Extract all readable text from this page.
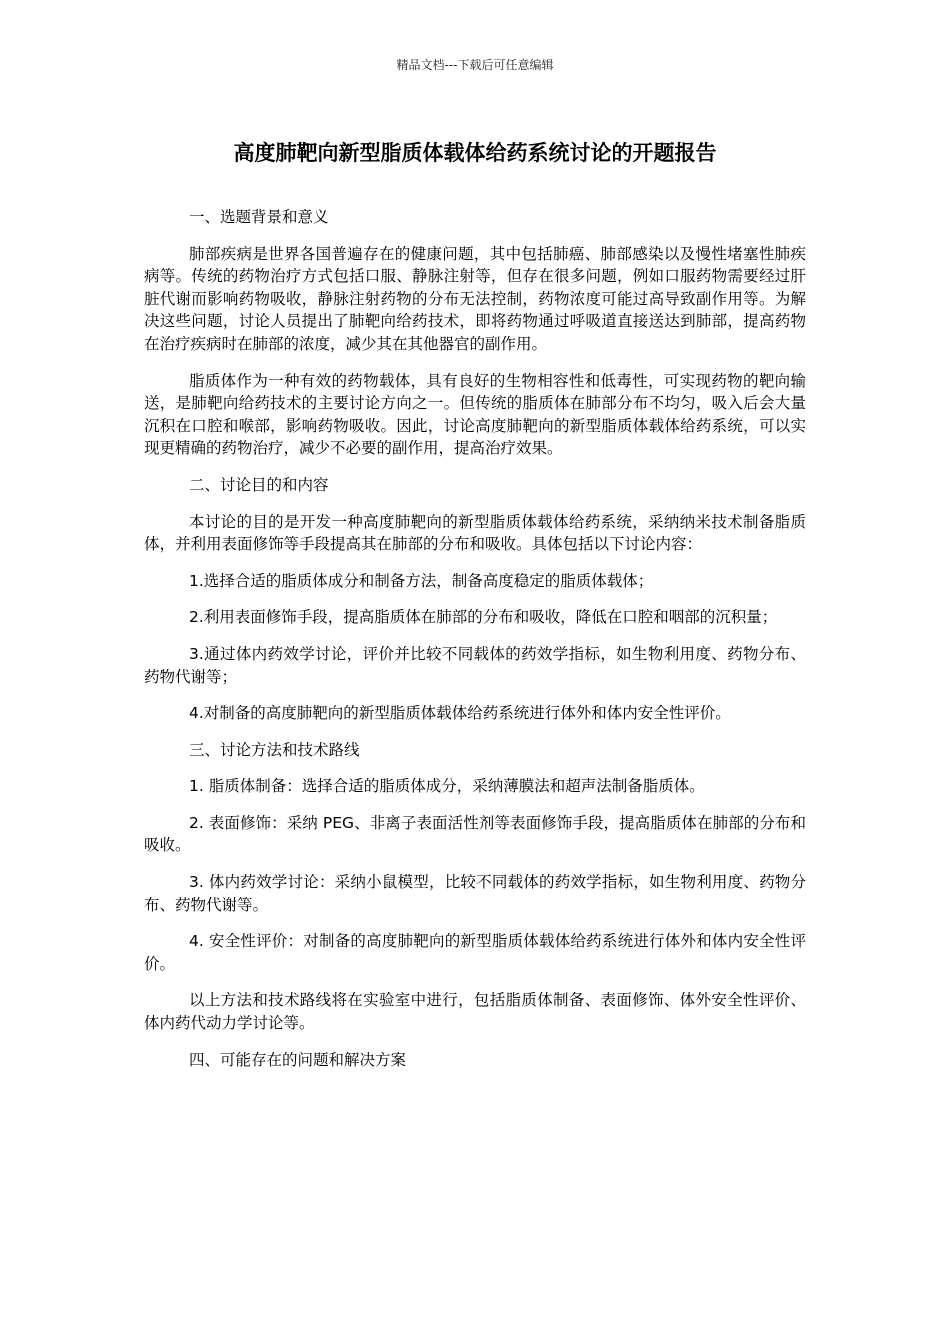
精品文档---下载后可任意编辑
高度肺靶向新型脂质体载体给药系统讨论的开题报告

一、选题背景和意义

肺部疾病是世界各国普遍存在的健康问题，其中包括肺癌、肺部感染以及慢性堵塞性肺疾病等。传统的药物治疗方式包括口服、静脉注射等，但存在很多问题，例如口服药物需要经过肝脏代谢而影响药物吸收，静脉注射药物的分布无法控制，药物浓度可能过高导致副作用等。为解决这些问题，讨论人员提出了肺靶向给药技术，即将药物通过呼吸道直接送达到肺部，提高药物在治疗疾病时在肺部的浓度，减少其在其他器官的副作用。

脂质体作为一种有效的药物载体，具有良好的生物相容性和低毒性，可实现药物的靶向输送，是肺靶向给药技术的主要讨论方向之一。但传统的脂质体在肺部分布不均匀，吸入后会大量沉积在口腔和喉部，影响药物吸收。因此，讨论高度肺靶向的新型脂质体载体给药系统，可以实现更精确的药物治疗，减少不必要的副作用，提高治疗效果。

二、讨论目的和内容

本讨论的目的是开发一种高度肺靶向的新型脂质体载体给药系统，采纳纳米技术制备脂质体，并利用表面修饰等手段提高其在肺部的分布和吸收。具体包括以下讨论内容：

1.选择合适的脂质体成分和制备方法，制备高度稳定的脂质体载体；

2.利用表面修饰手段，提高脂质体在肺部的分布和吸收，降低在口腔和咽部的沉积量；

3.通过体内药效学讨论，评价并比较不同载体的药效学指标，如生物利用度、药物分布、药物代谢等；

4.对制备的高度肺靶向的新型脂质体载体给药系统进行体外和体内安全性评价。

三、讨论方法和技术路线

1. 脂质体制备：选择合适的脂质体成分，采纳薄膜法和超声法制备脂质体。

2. 表面修饰：采纳 PEG、非离子表面活性剂等表面修饰手段，提高脂质体在肺部的分布和吸收。

3. 体内药效学讨论：采纳小鼠模型，比较不同载体的药效学指标，如生物利用度、药物分布、药物代谢等。

4. 安全性评价：对制备的高度肺靶向的新型脂质体载体给药系统进行体外和体内安全性评价。

以上方法和技术路线将在实验室中进行，包括脂质体制备、表面修饰、体外安全性评价、体内药代动力学讨论等。

四、可能存在的问题和解决方案
